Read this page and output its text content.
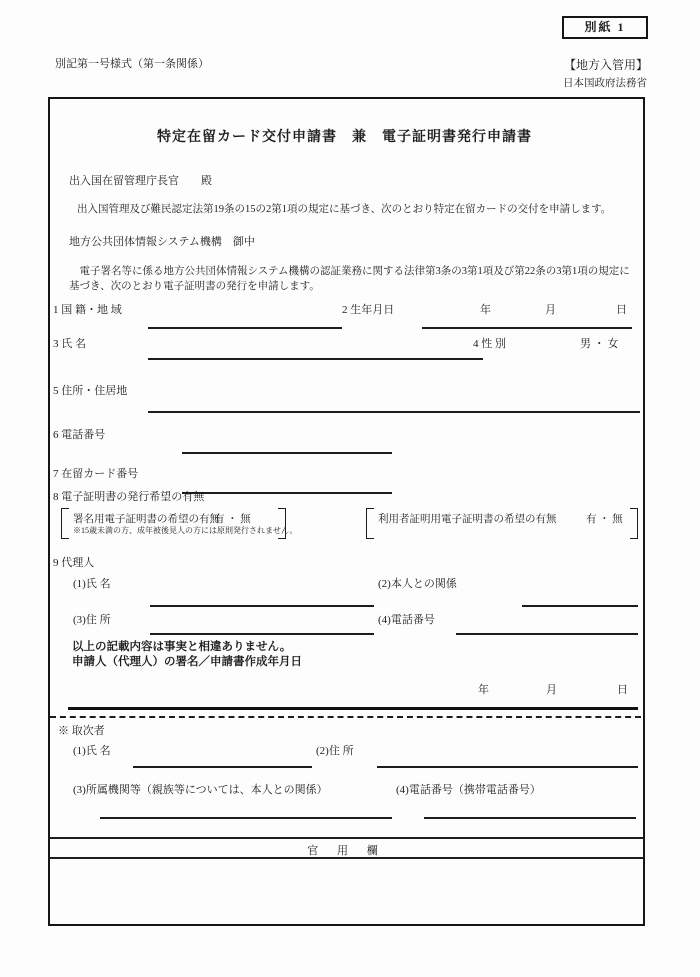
別記第一号様式（第一条関係）
別紙 1
【地方入管用】
日本国政府法務省
特定在留カード交付申請書　兼　電子証明書発行申請書
出入国在留管理庁長官　　殿
出入国管理及び難民認定法第19条の15の2第1項の規定に基づき、次のとおり特定在留カードの交付を申請します。
地方公共団体情報システム機構　御中
電子署名等に係る地方公共団体情報システム機構の認証業務に関する法律第3条の3第1項及び第22条の3第1項の規定に基づき、次のとおり電子証明書の発行を申請します。
1 国 籍・地 域	2 生年月日	年	月	日
3 氏 名	4 性 別	男 ・ 女
5 住所・住居地
6 電話番号
7 在留カード番号
8 電子証明書の発行希望の有無
署名用電子証明書の希望の有無
有 ・ 無
※15歳未満の方、成年被後見人の方には原則発行されません。
利用者証明用電子証明書の希望の有無	有 ・ 無
9 代理人
(1)氏 名	(2)本人との関係
(3)住 所	(4)電話番号
以上の記載内容は事実と相違ありません。
申請人（代理人）の署名／申請書作成年月日
年	月	日
※ 取次者
(1)氏 名	(2)住 所
(3)所属機関等（親族等については、本人との関係）	(4)電話番号（携帯電話番号）
官 用 欄
